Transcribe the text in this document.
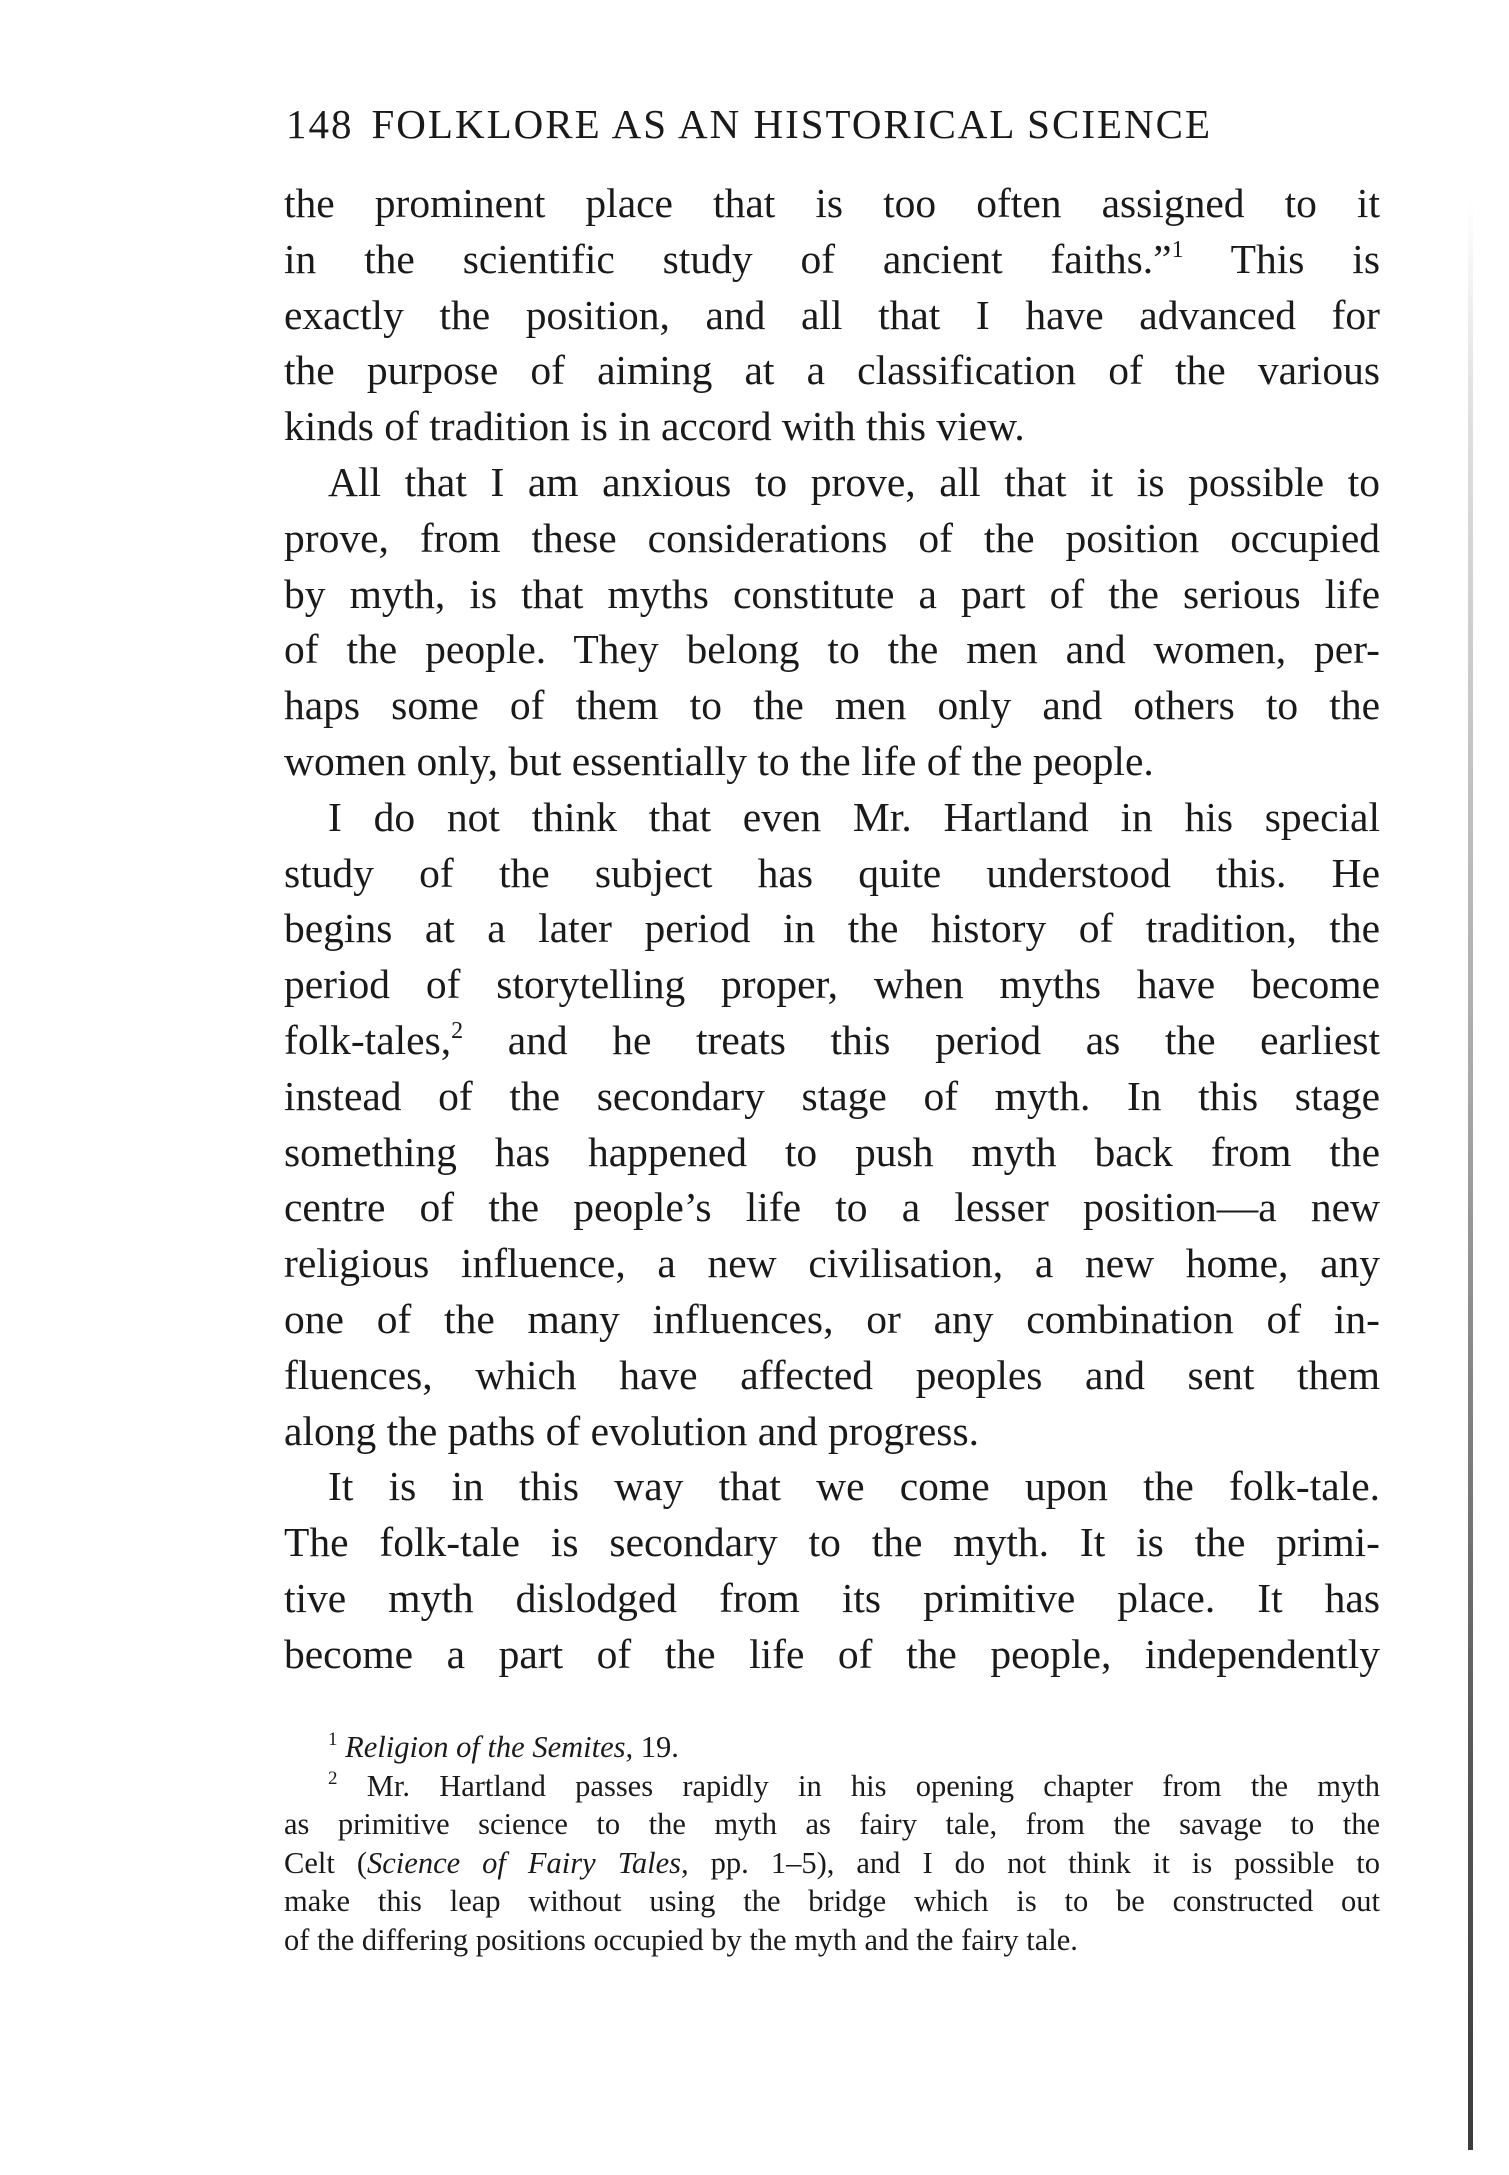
148 FOLKLORE AS AN HISTORICAL SCIENCE
the prominent place that is too often assigned to it
in the scientific study of ancient faiths.”$^1$ This is
exactly the position, and all that I have advanced for
the purpose of aiming at a classification of the various
kinds of tradition is in accord with this view.
All that I am anxious to prove, all that it is possible to
prove, from these considerations of the position occupied
by myth, is that myths constitute a part of the serious life
of the people. They belong to the men and women, per-
haps some of them to the men only and others to the
women only, but essentially to the life of the people.
I do not think that even Mr. Hartland in his special
study of the subject has quite understood this. He
begins at a later period in the history of tradition, the
period of storytelling proper, when myths have become
folk-tales,$^2$ and he treats this period as the earliest
instead of the secondary stage of myth. In this stage
something has happened to push myth back from the
centre of the people’s life to a lesser position—a new
religious influence, a new civilisation, a new home, any
one of the many influences, or any combination of in-
fluences, which have affected peoples and sent them
along the paths of evolution and progress.
It is in this way that we come upon the folk-tale.
The folk-tale is secondary to the myth. It is the primi-
tive myth dislodged from its primitive place. It has
become a part of the life of the people, independently
$^1$ Religion of the Semites, 19.
$^2$ Mr. Hartland passes rapidly in his opening chapter from the myth
as primitive science to the myth as fairy tale, from the savage to the
Celt (Science of Fairy Tales, pp. 1–5), and I do not think it is possible to
make this leap without using the bridge which is to be constructed out
of the differing positions occupied by the myth and the fairy tale.
